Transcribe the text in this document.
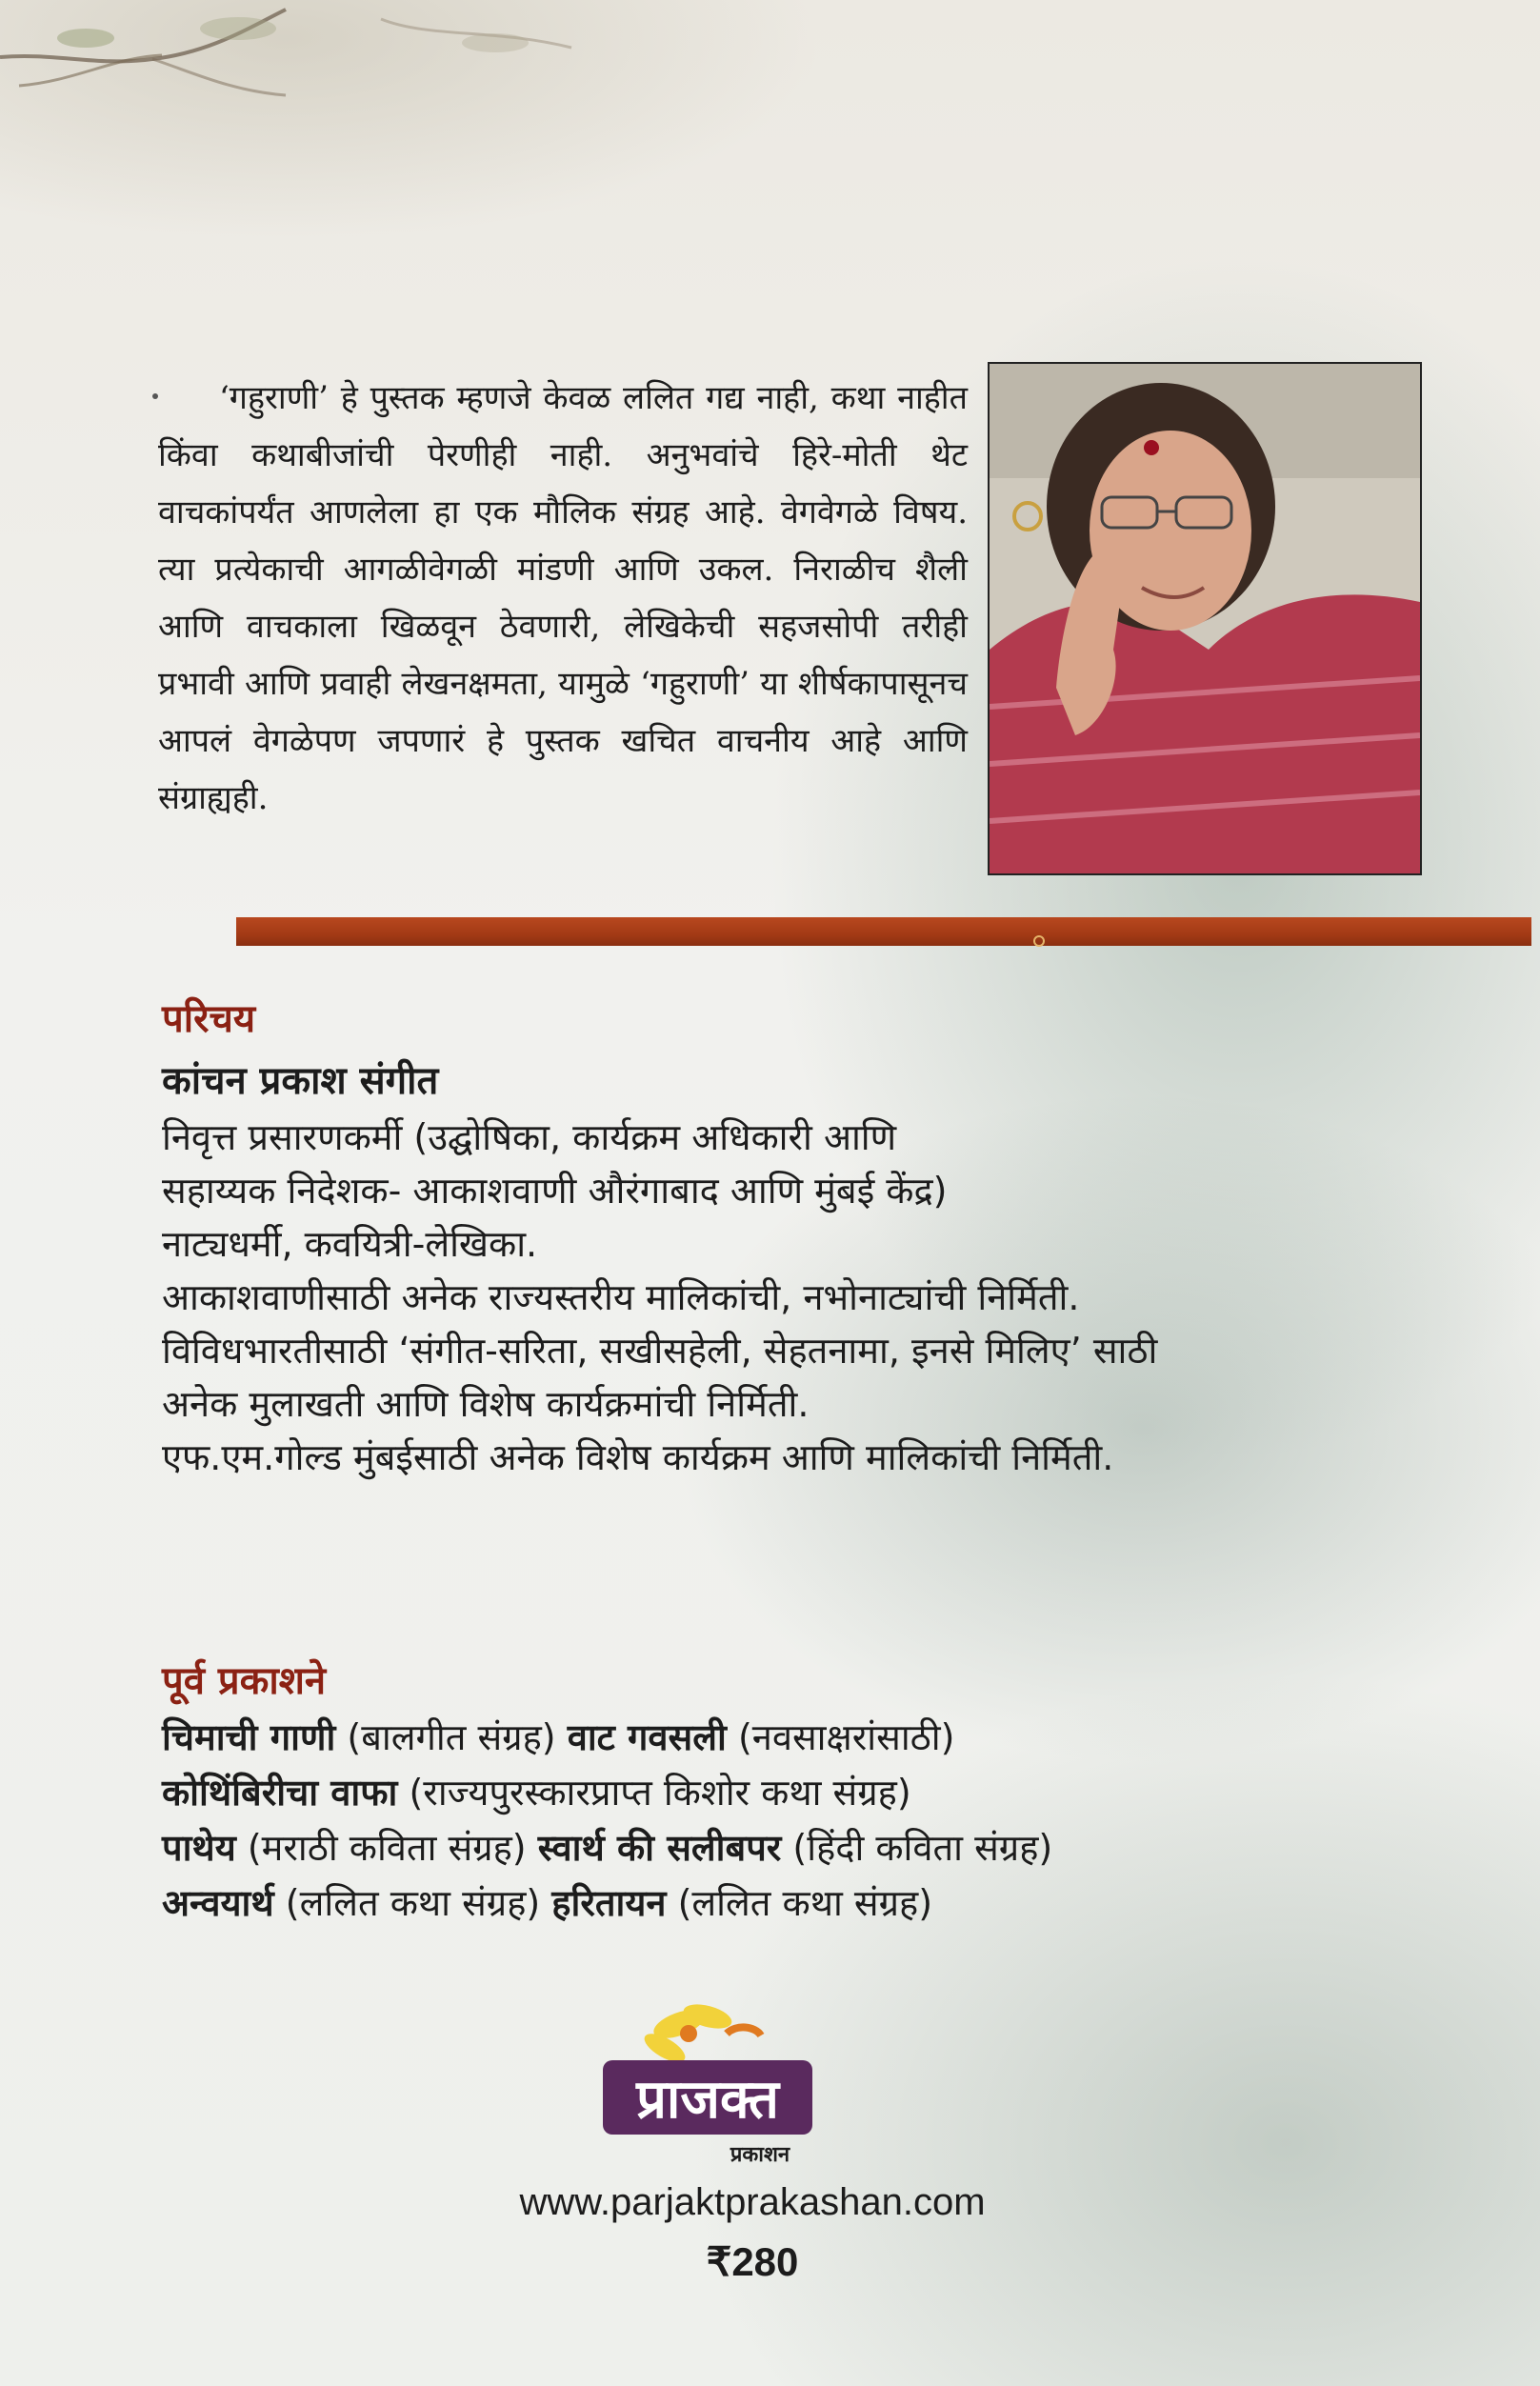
‘गहुराणी’ हे पुस्तक म्हणजे केवळ ललित गद्य नाही, कथा नाहीत किंवा कथाबीजांची पेरणीही नाही. अनुभवांचे हिरे-मोती थेट वाचकांपर्यंत आणलेला हा एक मौलिक संग्रह आहे. वेगवेगळे विषय. त्या प्रत्येकाची आगळीवेगळी मांडणी आणि उकल. निराळीच शैली आणि वाचकाला खिळवून ठेवणारी, लेखिकेची सहजसोपी तरीही प्रभावी आणि प्रवाही लेखनक्षमता, यामुळे ‘गहुराणी’ या शीर्षकापासूनच आपलं वेगळेपण जपणारं हे पुस्तक खचित वाचनीय आहे आणि संग्राह्यही.

परिचय
कांचन प्रकाश संगीत
निवृत्त प्रसारणकर्मी (उद्घोषिका, कार्यक्रम अधिकारी आणि
सहाय्यक निदेशक- आकाशवाणी औरंगाबाद आणि मुंबई केंद्र)
नाट्यधर्मी, कवयित्री-लेखिका.
आकाशवाणीसाठी अनेक राज्यस्तरीय मालिकांची, नभोनाट्यांची निर्मिती.
विविधभारतीसाठी ‘संगीत-सरिता, सखीसहेली, सेहतनामा, इनसे मिलिए’ साठी
अनेक मुलाखती आणि विशेष कार्यक्रमांची निर्मिती.
एफ.एम.गोल्ड मुंबईसाठी अनेक विशेष कार्यक्रम आणि मालिकांची निर्मिती.
पूर्व प्रकाशने
चिमाची गाणी (बालगीत संग्रह) वाट गवसली (नवसाक्षरांसाठी)
कोथिंबिरीचा वाफा (राज्यपुरस्कारप्राप्त किशोर कथा संग्रह)
पाथेय (मराठी कविता संग्रह) स्वार्थ की सलीबपर (हिंदी कविता संग्रह)
अन्वयार्थ (ललित कथा संग्रह) हरितायन (ललित कथा संग्रह)
प्राजक्त
प्रकाशन

www.parjaktprakashan.com

₹280
